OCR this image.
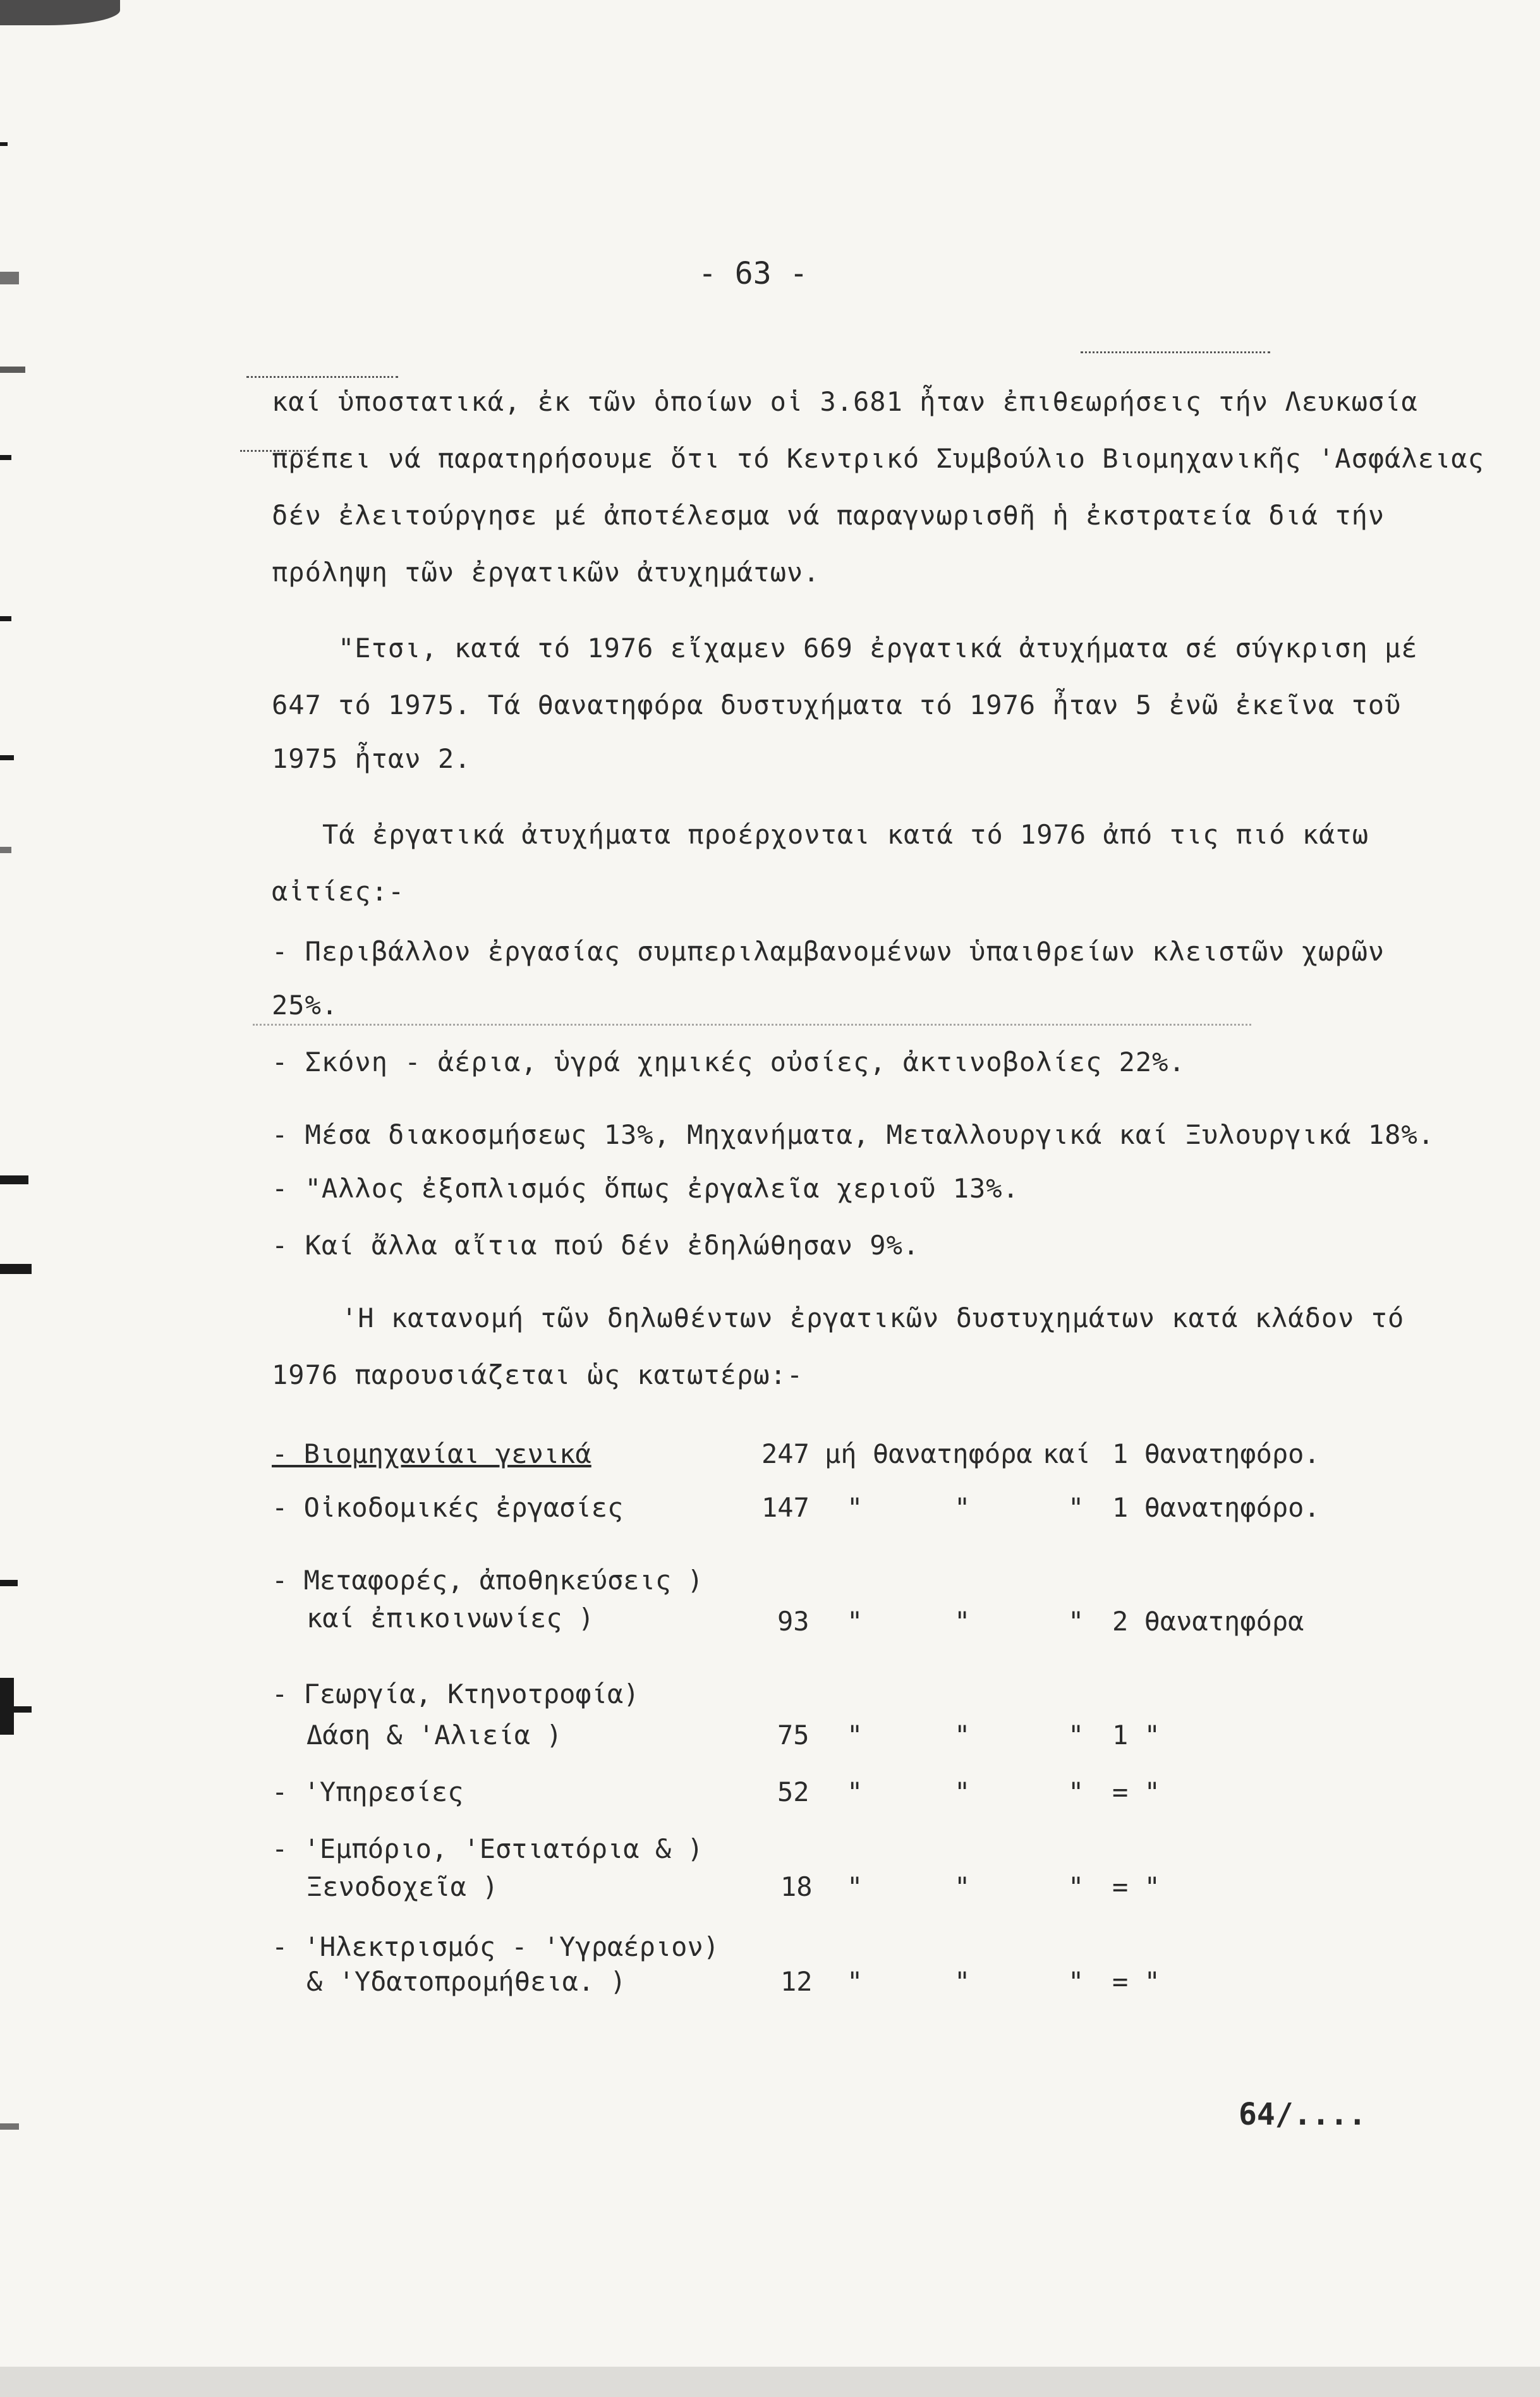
- 63 -
καί ὑποστατικά, ἐκ τῶν ὁποίων οἱ 3.681 ἦταν ἐπιθεωρήσεις τήν Λευκωσία
πρέπει νά παρατηρήσουμε ὅτι τό Κεντρικό Συμβούλιο Βιομηχανικῆς 'Ασφάλειας
δέν ἐλειτούργησε μέ ἀποτέλεσμα νά παραγνωρισθῆ ἡ ἐκστρατεία διά τήν
πρόληψη τῶν ἐργατικῶν ἀτυχημάτων.
"Ετσι, κατά τό 1976 εἴχαμεν 669 ἐργατικά ἀτυχήματα σέ σύγκριση μέ
647 τό 1975. Τά θανατηφόρα δυστυχήματα τό 1976 ἦταν 5 ἐνῶ ἐκεῖνα τοῦ
1975 ἦταν 2.
Τά ἐργατικά ἀτυχήματα προέρχονται κατά τό 1976 ἀπό τις πιό κάτω
αἰτίες:-
- Περιβάλλον ἐργασίας συμπεριλαμβανομένων ὑπαιθρείων κλειστῶν χωρῶν
25%.
- Σκόνη - ἀέρια, ὑγρά χημικές οὐσίες, ἀκτινοβολίες 22%.
- Μέσα διακοσμήσεως 13%, Μηχανήματα, Μεταλλουργικά καί Ξυλουργικά 18%.
- "Αλλος ἐξοπλισμός ὅπως ἐργαλεῖα χεριοῦ 13%.
- Καί ἄλλα αἴτια πού δέν ἐδηλώθησαν 9%.
'Η κατανομή τῶν δηλωθέντων ἐργατικῶν δυστυχημάτων κατά κλάδον τό
1976 παρουσιάζεται ὡς κατωτέρω:-
- Βιομηχανίαι γενικά	247 μή θανατηφόρα καί 1 θανατηφόρο.
- Οἰκοδομικές ἐργασίες	147 "	"	" 1 θανατηφόρο.
- Μεταφορές, ἀποθηκεύσεις )
καί ἐπικοινωνίες )	93 "	"	" 2 θανατηφόρα
- Γεωργία, Κτηνοτροφία)
Δάση & 'Αλιεία )	75 "	"	" 1 "
- 'Υπηρεσίες	52 "	"	" = "
- 'Εμπόριο, 'Εστιατόρια & )
Ξενοδοχεῖα )	18 "	"	" = "
- 'Ηλεκτρισμός - 'Υγραέριον)
& 'Υδατοπρομήθεια. )	12 "	"	" = "
64/....
